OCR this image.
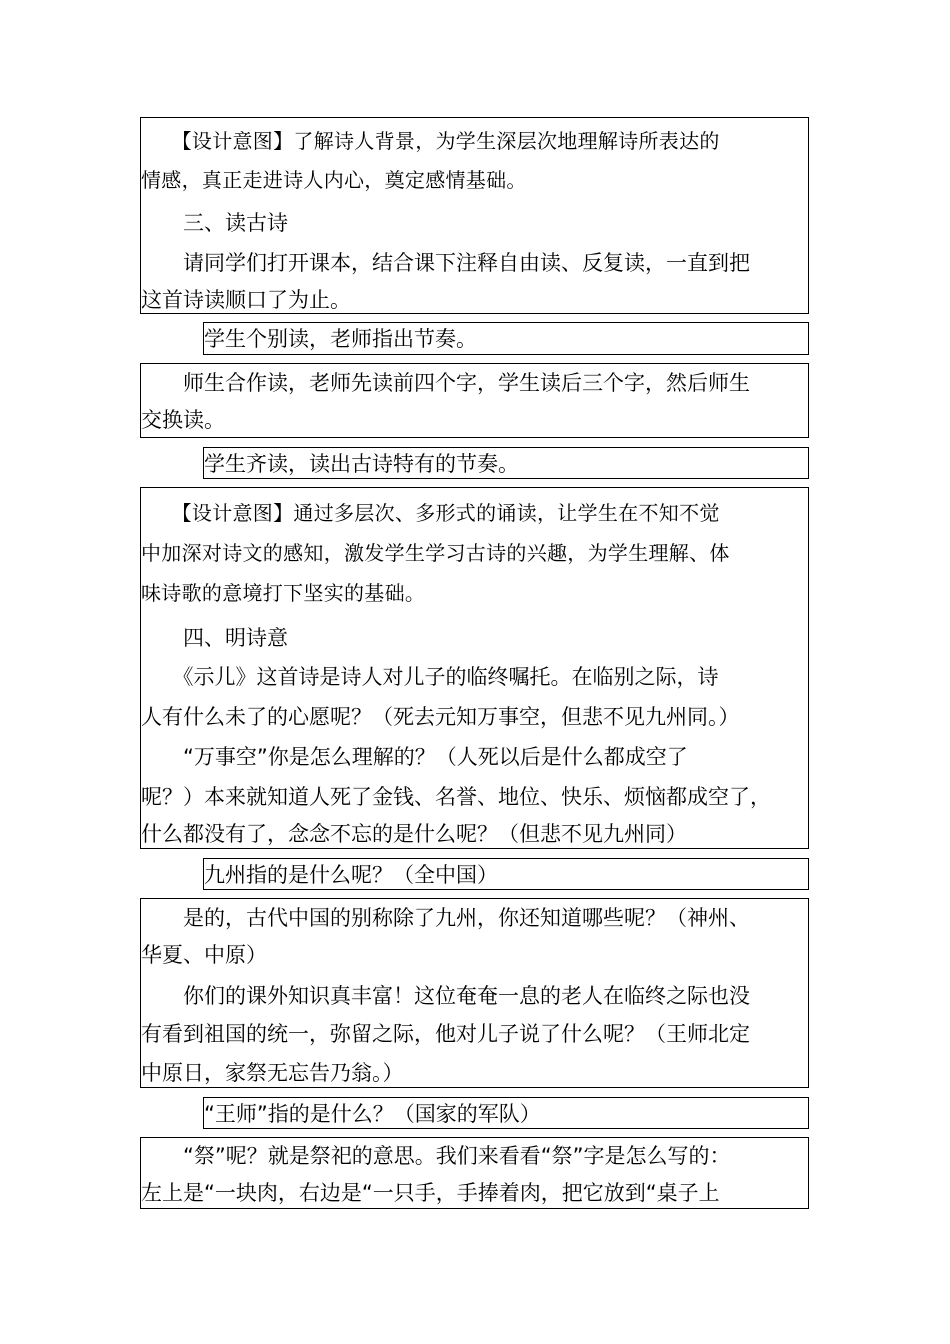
　　【设计意图】了解诗人背景，为学生深层次地理解诗所表达的
情感，真正走进诗人内心，奠定感情基础。
　　三、读古诗
　　请同学们打开课本，结合课下注释自由读、反复读，一直到把
这首诗读顺口了为止。
学生个别读，老师指出节奏。
　　师生合作读，老师先读前四个字，学生读后三个字，然后师生
交换读。
学生齐读，读出古诗特有的节奏。
　　【设计意图】通过多层次、多形式的诵读，让学生在不知不觉
中加深对诗文的感知，激发学生学习古诗的兴趣，为学生理解、体
味诗歌的意境打下坚实的基础。
　　四、明诗意
　　《示儿》这首诗是诗人对儿子的临终嘱托。在临别之际，诗
人有什么未了的心愿呢？（死去元知万事空，但悲不见九州同。）
　　“万事空”你是怎么理解的？（人死以后是什么都成空了
呢？）本来就知道人死了金钱、名誉、地位、快乐、烦恼都成空了，
什么都没有了，念念不忘的是什么呢？（但悲不见九州同）
九州指的是什么呢？（全中国）
　　是的，古代中国的别称除了九州，你还知道哪些呢？（神州、
华夏、中原）
　　你们的课外知识真丰富！这位奄奄一息的老人在临终之际也没
有看到祖国的统一，弥留之际，他对儿子说了什么呢？（王师北定
中原日，家祭无忘告乃翁。）
“王师”指的是什么？（国家的军队）
　　“祭”呢？就是祭祀的意思。我们来看看“祭”字是怎么写的：
左上是“一块肉，右边是“一只手，手捧着肉，把它放到“桌子上
